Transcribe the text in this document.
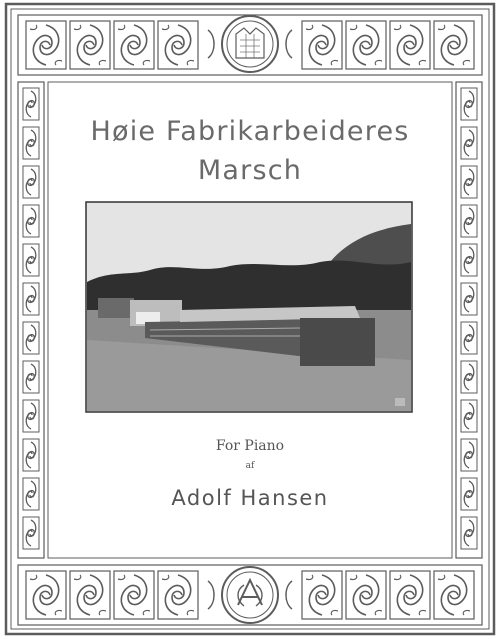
Høie Fabrikarbeideres
Marsch
For Piano
af
Adolf Hansen
